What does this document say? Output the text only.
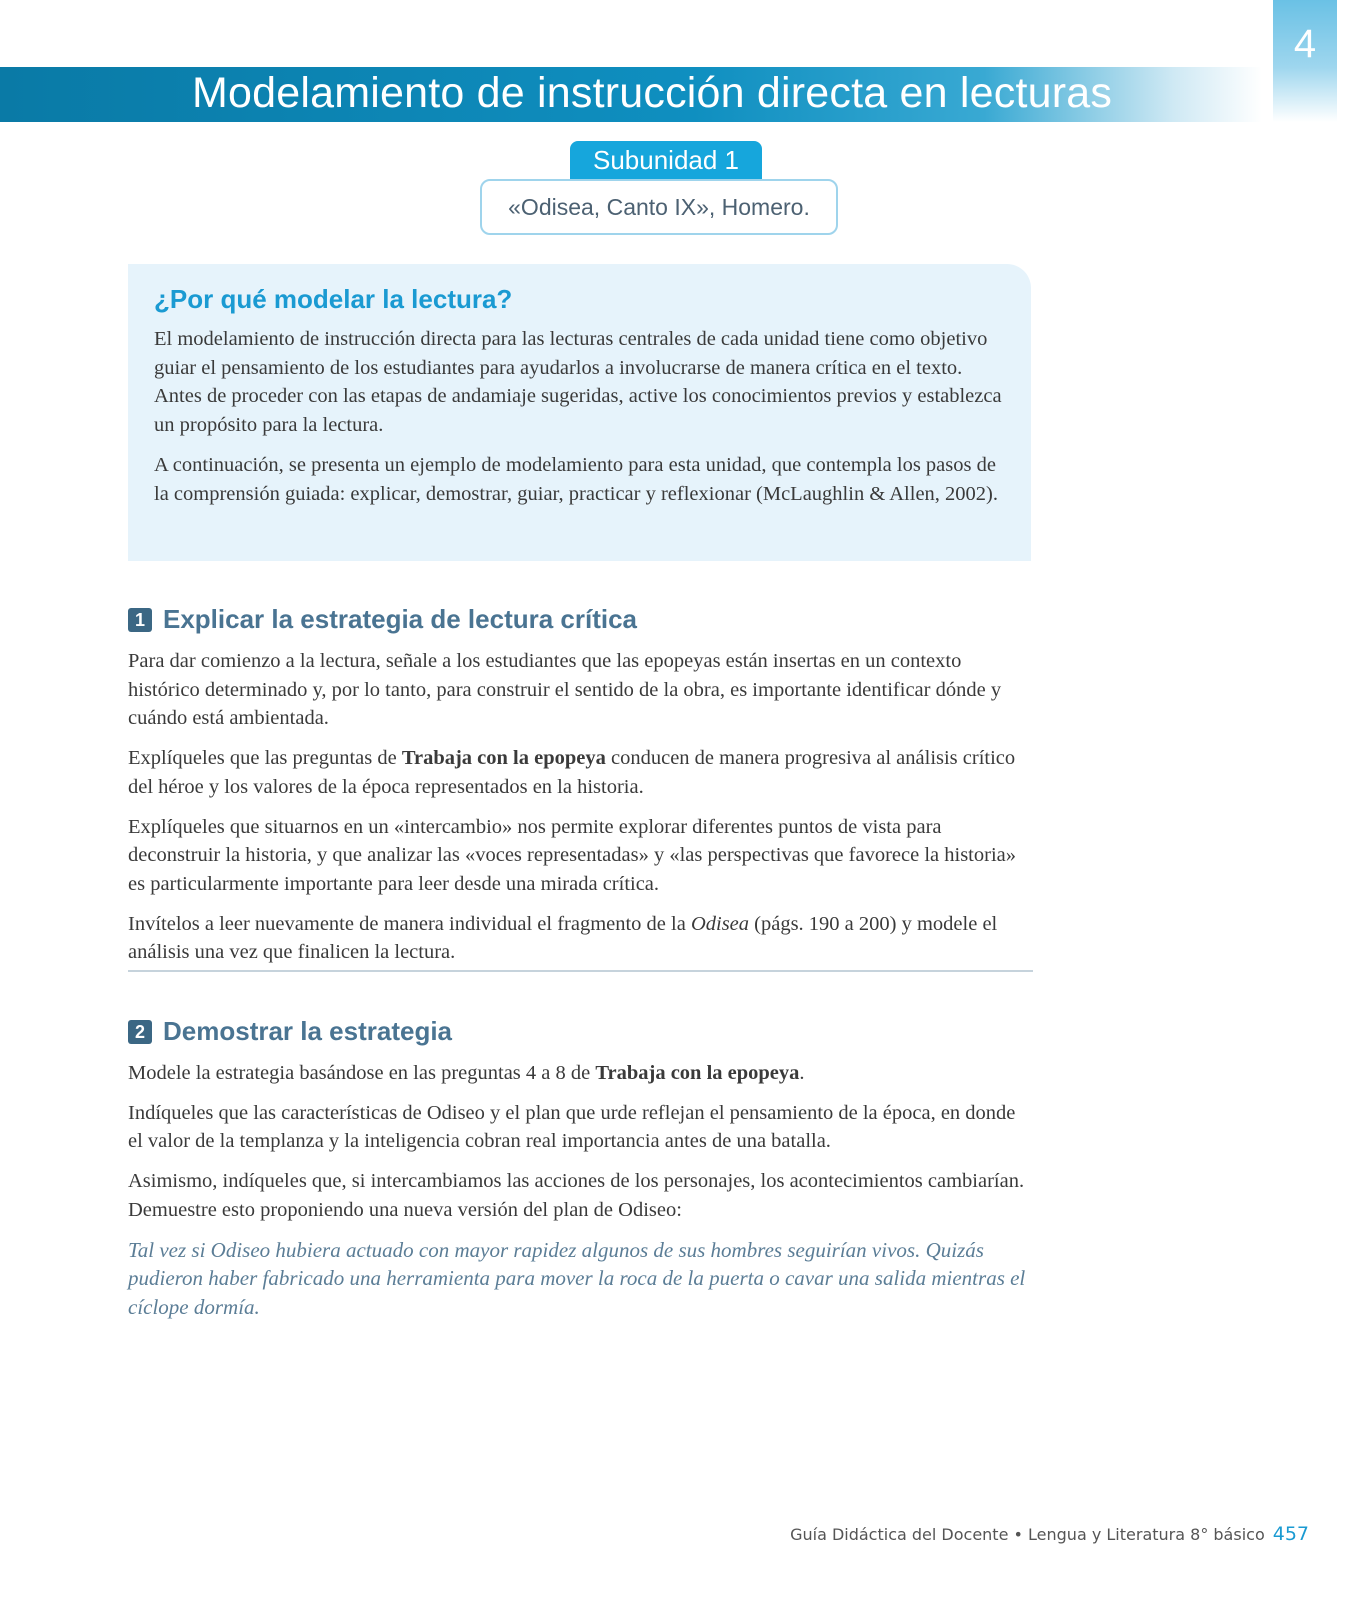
Modelamiento de instrucción directa en lecturas
4
Subunidad 1
«Odisea, Canto IX», Homero.
¿Por qué modelar la lectura?

El modelamiento de instrucción directa para las lecturas centrales de cada unidad tiene como objetivo guiar el pensamiento de los estudiantes para ayudarlos a involucrarse de manera crítica en el texto. Antes de proceder con las etapas de andamiaje sugeridas, active los conocimientos previos y establezca un propósito para la lectura.

A continuación, se presenta un ejemplo de modelamiento para esta unidad, que contempla los pasos de la comprensión guiada: explicar, demostrar, guiar, practicar y reflexionar (McLaughlin & Allen, 2002).

1 Explicar la estrategia de lectura crítica

Para dar comienzo a la lectura, señale a los estudiantes que las epopeyas están insertas en un contexto histórico determinado y, por lo tanto, para construir el sentido de la obra, es importante identificar dónde y cuándo está ambientada.

Explíqueles que las preguntas de Trabaja con la epopeya conducen de manera progresiva al análisis crítico del héroe y los valores de la época representados en la historia.

Explíqueles que situarnos en un «intercambio» nos permite explorar diferentes puntos de vista para deconstruir la historia, y que analizar las «voces representadas» y «las perspectivas que favorece la historia» es particularmente importante para leer desde una mirada crítica.

Invítelos a leer nuevamente de manera individual el fragmento de la Odisea (págs. 190 a 200) y modele el análisis una vez que finalicen la lectura.

2 Demostrar la estrategia

Modele la estrategia basándose en las preguntas 4 a 8 de Trabaja con la epopeya.

Indíqueles que las características de Odiseo y el plan que urde reflejan el pensamiento de la época, en donde el valor de la templanza y la inteligencia cobran real importancia antes de una batalla.

Asimismo, indíqueles que, si intercambiamos las acciones de los personajes, los acontecimientos cambiarían. Demuestre esto proponiendo una nueva versión del plan de Odiseo:

Tal vez si Odiseo hubiera actuado con mayor rapidez algunos de sus hombres seguirían vivos. Quizás pudieron haber fabricado una herramienta para mover la roca de la puerta o cavar una salida mientras el cíclope dormía.

Guía Didáctica del Docente • Lengua y Literatura 8° básico 457
